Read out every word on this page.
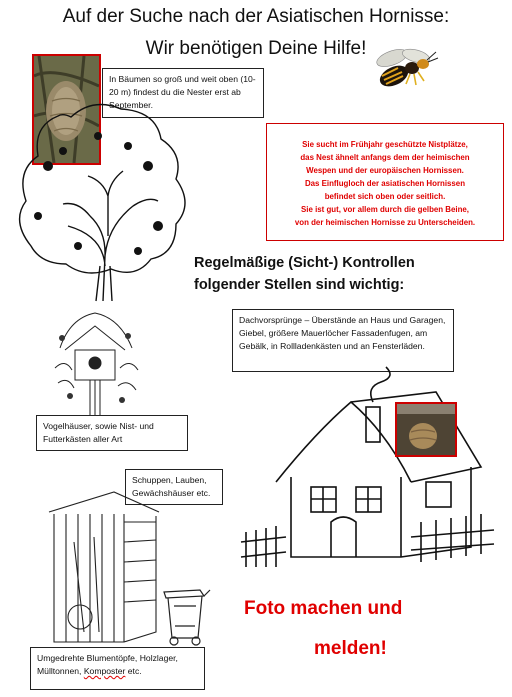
Auf der Suche nach der Asiatischen Hornisse:
Wir benötigen Deine Hilfe!
In Bäumen so groß und weit oben (10-20 m) findest du die Nester erst ab September.
Sie sucht im Frühjahr geschützte Nistplätze,
das Nest ähnelt anfangs dem der heimischen
Wespen und der europäischen Hornissen.
Das Einflugloch der asiatischen Hornissen
befindet sich oben oder seitlich.
Sie ist gut, vor allem durch die gelben Beine,
von der heimischen Hornisse zu Unterscheiden.
Regelmäßige (Sicht-) Kontrollen
folgender Stellen sind wichtig:
Dachvorsprünge – Überstände an Haus und Garagen, Giebel, größere Mauerlöcher Fassadenfugen, am Gebälk, in Rollladenkästen und an Fensterläden.
Vogelhäuser, sowie Nist- und Futterkästen aller Art
Schuppen, Lauben, Gewächshäuser etc.
Foto machen und
melden!
Umgedrehte Blumentöpfe, Holzlager, Mülltonnen, Komposter etc.
